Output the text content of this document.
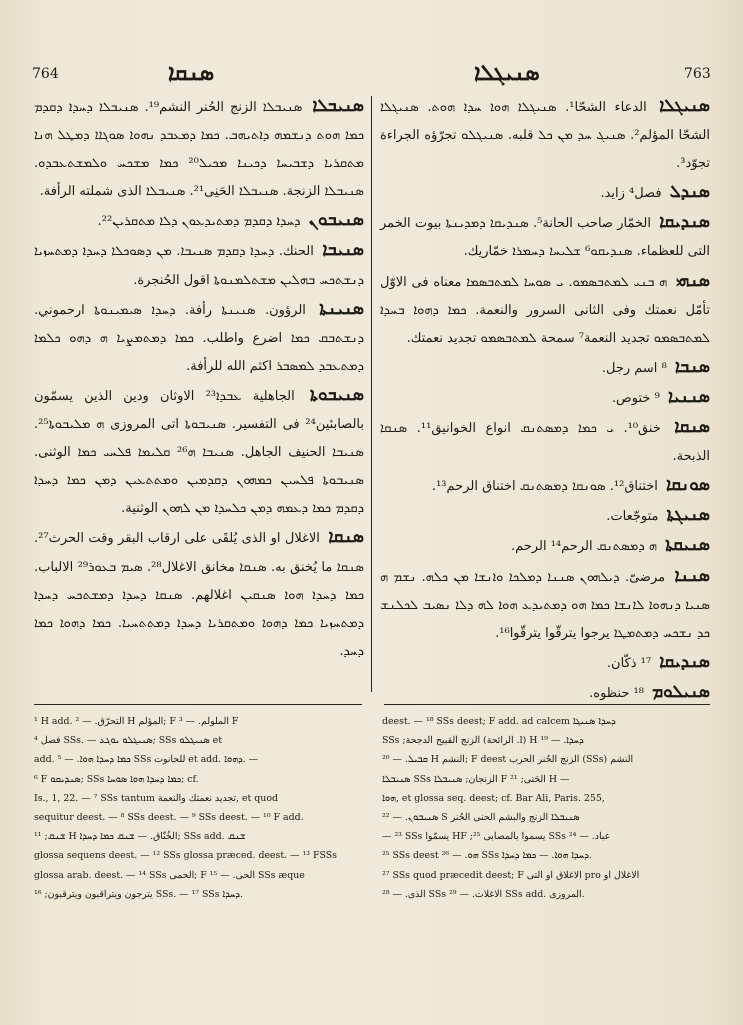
764	ܣܢܩܐ	ܣܢܝܓܠܐ	763

ܣܢܝܓܠܐ الدعاء الشحّا¹. ܣܢܝܓܠܐ ܗܘܐ ܚܕܐ ܗܘܬ. ܣܢܝܓܠܐ الشحّا المؤلم². ܣܢܝܓ ܚܕ ܡܢ ܟܠ قلبه. ܣܢܝܓܠܘ تجرّؤه الجراءة تجوّد³.

ܣܢܕܠ فصل⁴ زايد.

ܣܢܕܝܩܐ الخمّار صاحب الحانة⁵. ܣܢܕܝܩܐ ܕܡܕܝܢܬܐ بيوت الخمر التى للعظماء. ܣܢܕܝܩܘ⁶ ܫܠܝܚܐ ܕܚܡܪܐ خمّاريك.

ܣܢܗܝ ܗ ܒܢܝ ܠܡܬܒܣܡܘ. ܝ ܣܘܚܐ ܠܡܬܒܣܡܐ معناه فى الاوّل تأمّل نعمتك وفى الثانى السرور والنعمة. ܟܡܐ ܕܗܘܐ ܒܚܕܐ ܠܡܬܒܣܡܘ تجديد النعمة⁷ سمحة ܠܡܬܒܣܡܘ تجديد نعمتك.

ܣܢܒܐ ⁸ اسم رجل.

ܣܢܢܝܐ ⁹ ختوص.

ܣܢܩܐ خنق¹⁰. ܝ ܟܡܐ ܕܡܣܬܢܩ انواع الخوانيق¹¹. ܣܢܩܐ الذبحة.

ܣܘܢܩܐ اختناق¹². ܣܘܢܩܐ ܕܡܣܬܢܩ اختناق الرحم¹³.

ܣܢܝܓܬܐ متوجّعات.

ܣܢܝܩܬܐ ܗ ܕܡܣܬܢܩ الرحم¹⁴ الرحم.

ܣܢܢܐ مرضىّ. ܕܝܠܗܘܢ ܣܢܢܐ ܕܡܠܟܐ ܘܐܢܫܐ ܡܢ ܟܠܗ. ܢܫܡ ܗ ܣܢܝܐ ܕܢܗܘܐ ܠܐܢܫܐ ܟܡܐ ܗܘ ܕܡܬܝܕܥ ܗܘܐ ܠܗ ܕܠܐ ܢܣܝܒ ܠܟܠܢܫ ܟܕ ܢܫܟܚ ܕܡܬܡܛܐ يرجوا يترقّوا يترقّوا¹⁶.

ܣܢܕܝܩܐ ¹⁷ ذكّان.

ܣܢܝܠܘܡ ¹⁸ حنظوه.

ܣܢܝܒܠܐ ܣܢܝܒܠܐ الزنج الحُنر النشم¹⁹. ܣܢܝܒܠܐ ܕܚܕܐ ܕܩܕܡ ܟܡܐ ܗܘܬ ܕܢܫܡܗ ܕܐܬܝܗܒ. ܟܡܐ ܕܡܥܒܕ ܢܗܘܐ ܣܘܓܐܐ ܕܡܛܠ ܗܢܐ ܡܬܩܪܝܐ ܕܫܒܝܚܐ ܕܟܝܢܐ ܡܟܝܠ²⁰ ܟܡܐ ܡܫܟܚ ܘܠܡܫܬܥܒܕܘ. ܣܢܝܒܠܐ الزنجة. ܣܢܝܒܠܐ الحَنِى²¹. ܣܢܝܒܠܐ الذى شملته الرأفة.

ܣܢܝܒܘܢ ܕܚܕܐ ܕܩܕܡ ܕܡܬܝܕܥܘܢ ܕܠܐ ܡܬܩܪܝܢ²².

ܣܢܝܒܐ الحنك. ܕܚܕܐ ܕܩܕܡ ܣܢܝܒܐ. ܡܢ ܕܣܘܟܠܐ ܕܚܕܐ ܕܡܬܚܙܝܐ ܕܢܫܬܟܚ ܒܗܠܝܢ ܡܫܬܠܡܢܘܬܐ اقول الحُنجرة.

ܣܢܝܢܬܐ الرؤون. ܣܢܝܢܬܐ رأفة. ܕܚܕܐ ܣܝܡܝܢܘܬܐ ارحموني. ܕܢܫܬܒܩ ܟܡܐ اضرع واطلب. ܟܡܐ ܕܡܬܡܨܝܐ ܗ ܕܗܘ ܟܠܡܐ ܕܡܬܥܒܕ ܠܡܣܒܪ اكثم الله للرأفة.

ܣܢܝܒܘܬܐ الجاهلية ܥܒܕܐ²³ الاوثان ودين الذين يسمّون بالصابئين²⁴ فى التفسير. ܣܢܝܒܘܬܐ اتى المروزى ܗ ܡܠܝܒܘܬܐ²⁵. ܣܢܝܒܐ الحنيف الجاهل. ܣܢܝܒܐ ܗ²⁶ ܩܠܝܡܐ ܦܠܚܝ ܟܡܐ الوثنى. ܣܢܝܒܘܬܐ ܦܠܚܝܢ ܟܡܗܘܢ ܕܩܕܡܝܢ ܘܡܬܬܥܝܢ ܕܡܢ ܟܡܐ ܕܚܕܐ ܕܩܕܡ ܟܡܐ ܕܥܡܗ ܕܡܢ ܟܠܚܕܐ ܡܢ ܠܗܘܢ الوثنية.

ܣܢܩܐ الاغلال او الذى يُلقَى على ارقاب البقر وقت الحرث²⁷. ܣܢܩܐ ما يُخنق به. ܣܢܩܐ مخانق الاغلال²⁸. ܣܝܡ ܒܥܘܪ²⁹ الالباب. ܟܡܐ ܕܚܕܐ ܗܘܐ ܣܢܩܝܢ اغلالهم. ܣܢܩܐ ܕܚܕܐ ܕܡܫܬܟܚ ܕܚܕܐ ܕܡܬܚܙܝܐ ܟܡܐ ܕܗܘܐ ܘܡܬܩܪܝܐ ܕܚܕܐ ܕܡܬܬܚܝܐ. ܟܡܐ ܕܗܘܐ ܟܡܐ ܕܚܕ.

¹ H add. التحرّق. — ² H المؤلم; F الملولم. — ³ F
فصل ⁴ SSs. — ܣܢܝܓܠܘ ܝܘܓܥ; SSs ܣܢܝܓܠܘ et
add. ܟܡܐ ܕܚܕܐ ܗܘܐ. — ⁵ SSs للحانوت et add. ܕܗܘܐ. —
⁶ F ܣܢܕܝܩܘ; SSs ܟܡܐ ܕܚܕܐ ܗܘܐ ܣܘܚܐ; cf.
Is., 1, 22. — ⁷ SSs tantum تجديد نعمتك والنعمة, et quod
sequitur deest. — ⁸ SSs deest. — ⁹ SSs deest. — ¹⁰ F add.
ܫܢܩ; ¹¹ H الخُنّاق. — ܫܢܩ ܟܡܐ ܕܚܕܐ; SSs add. ܫܢܩ
glossa sequens deest. — ¹² SSs glossa præced. deest. — ¹³ FSSs
glossa arab. deest. — ¹⁴ SSs الحمى; F الحى. — ¹⁵ SSs æque
يترجون ويتراقبون ويترقبون; ¹⁶ SSs. — ¹⁷ SSs ܕܚܕܐ.
deest. — ¹⁸ SSs deest; F add. ad calcem ܕܚܕܐ ܣܢܝܓܐ
SSs ;الزنج القبيح الدجحة (الرائحة .l) H ¹⁹ — .ܕܚܕܐ
ܩܒܝܠ. — ²⁰ H النشم; F deest الزنج الحُنر الحرب (SSs) النشم
ܣܢܝܒܠܐ SSs الزنجان; ܣܢܝܒܠܐ F الحَنى; ²¹ H —
ܗܘܐ, et glossa seq. deest; cf. Bar Ali, Paris. 255,
ܣܢܝܒܘܢ. — ²² S ܣܢܝܒܠܐ الزنج والبشم الحنى الحُنر
— ²³ SSs يسمّوا HF ;يسموا بالمصابى ²⁵ SSs ²⁴ — .عباد
²⁵ SSs deest ܗܘ. — ²⁶ SSs ܕܚܕܐ ܗܘܐ. — ܟܡܐ ܕܚܕܐ.
²⁷ SSs quod præcedit deest; F الاغلاق او التى pro الاغلال او
الذى. — ²⁸ SSs الاغلات. — ²⁹ SSs add. المروزى.
